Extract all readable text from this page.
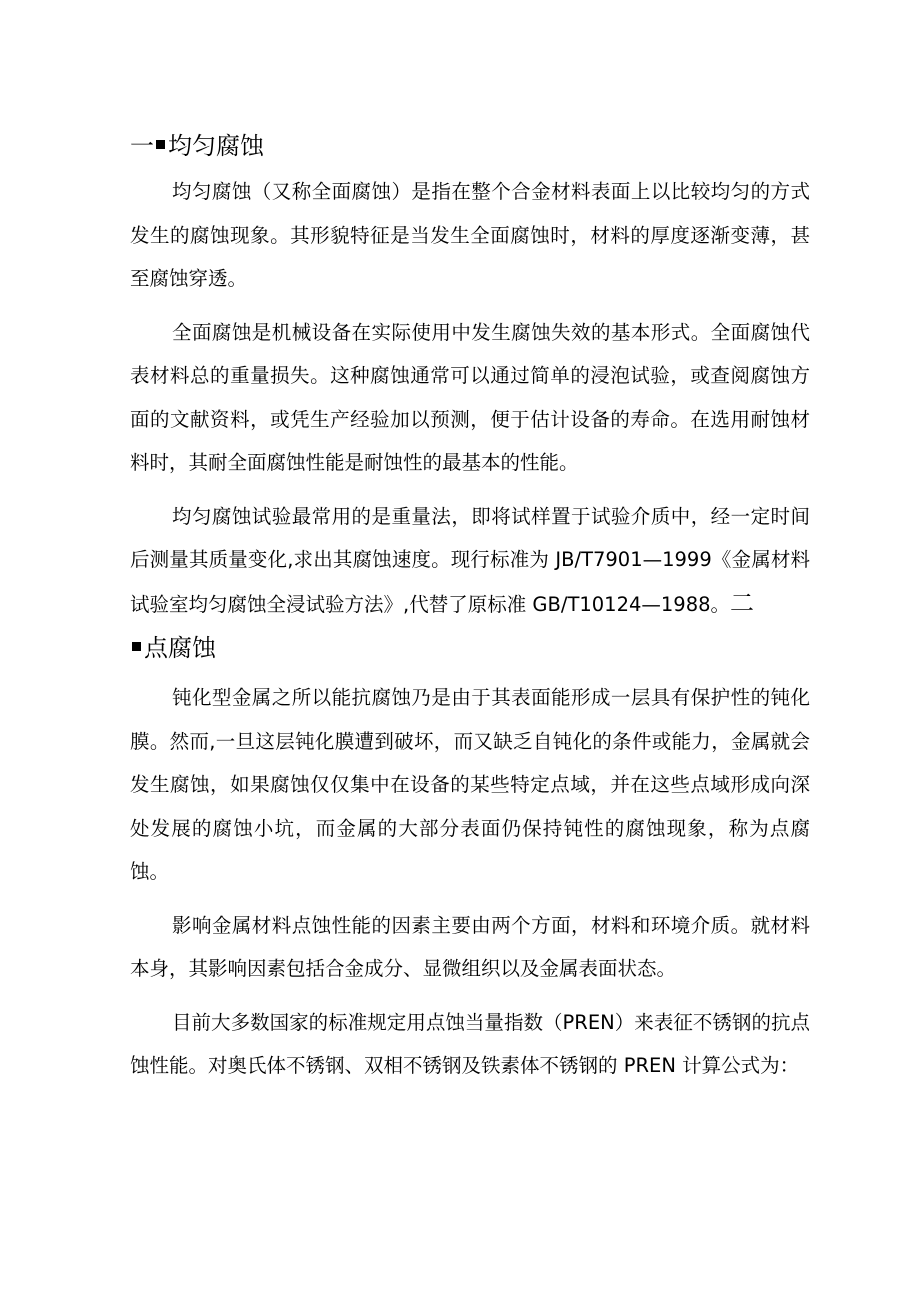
一 均匀腐蚀

均匀腐蚀（又称全面腐蚀）是指在整个合金材料表面上以比较均匀的方式发生的腐蚀现象。其形貌特征是当发生全面腐蚀时，材料的厚度逐渐变薄，甚至腐蚀穿透。

全面腐蚀是机械设备在实际使用中发生腐蚀失效的基本形式。全面腐蚀代表材料总的重量损失。这种腐蚀通常可以通过简单的浸泡试验，或查阅腐蚀方面的文献资料，或凭生产经验加以预测，便于估计设备的寿命。在选用耐蚀材料时，其耐全面腐蚀性能是耐蚀性的最基本的性能。

均匀腐蚀试验最常用的是重量法，即将试样置于试验介质中，经一定时间后测量其质量变化,求出其腐蚀速度。现行标准为 JB/T7901—1999《金属材料试验室均匀腐蚀全浸试验方法》,代替了原标准 GB/T10124—1988。二

点腐蚀

钝化型金属之所以能抗腐蚀乃是由于其表面能形成一层具有保护性的钝化膜。然而,一旦这层钝化膜遭到破坏，而又缺乏自钝化的条件或能力，金属就会发生腐蚀，如果腐蚀仅仅集中在设备的某些特定点域，并在这些点域形成向深处发展的腐蚀小坑，而金属的大部分表面仍保持钝性的腐蚀现象，称为点腐蚀。

影响金属材料点蚀性能的因素主要由两个方面，材料和环境介质。就材料本身，其影响因素包括合金成分、显微组织以及金属表面状态。

目前大多数国家的标准规定用点蚀当量指数（PREN）来表征不锈钢的抗点蚀性能。对奥氏体不锈钢、双相不锈钢及铁素体不锈钢的 PREN 计算公式为：
